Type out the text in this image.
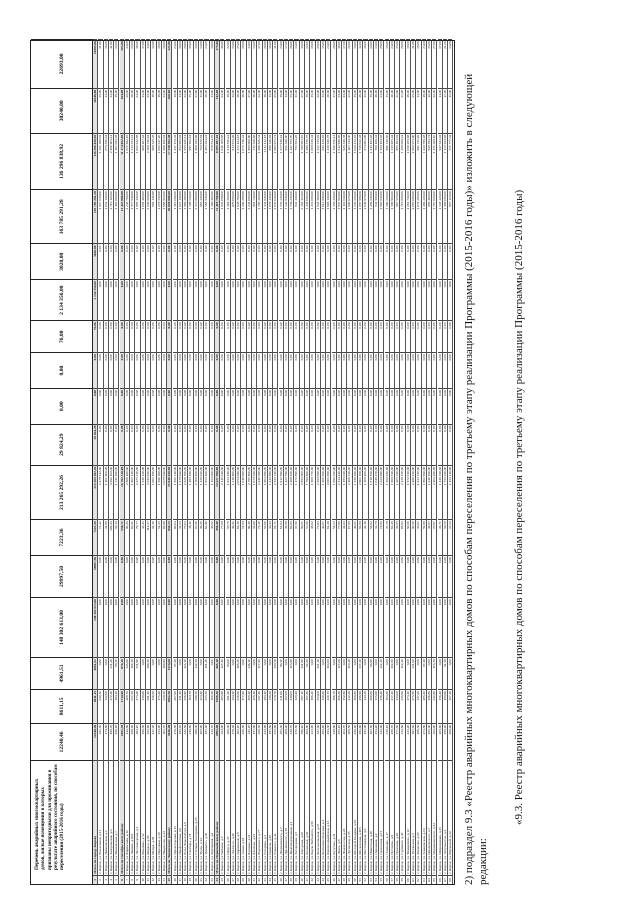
Перечень аварийных многоквартирных домов, жилые помещения в которых признаны непригодными для проживания в результате аварийного состояния, по способам переселения (2015-2016 годы)
12240,46
8611,15
4961,51
148 302 613,00
29997,50
7223,36
213 265 292,26
29 824,29
0,00
0,00
76,00
2 134 356,00
3020,00
163 785 291,28
136 296 838,92
30240,00
22693,00
1
Итого по городу Кирову
12240,46
8611,15
4961,51
148 302 613,00
29997,50
7223,36
213 265 292,26
29 824,29
0,00
0,00
76,00
2 134 356,00
3020,00
163 785 291,28
136 296 838,92
30240,00
22693,00
2
г. Киров, ул. Вокзальная, д.11
331,40
249,10
0,00
0,00
0,00
73,42
2 279 612,00
0,00
0,00
0,00
0,00
0,00
0,00
1 827 648,00
1 521 366,02
25,00
31,00
3
г. Киров, ул. Дымковская, д.1
174,60
132,00
0,00
0,00
0,00
41,88
1 301 406,00
0,00
0,00
0,00
0,00
0,00
0,00
1 052 140,00
875 836,44
14,00
16,00
4
г. Киров, ул. Запорожская, д.4
498,70
372,40
211,20
0,00
0,00
109,33
3 392 168,00
0,00
0,00
0,00
0,00
0,00
0,00
2 716 120,00
2 260 903,14
33,00
41,00
5
г. Киров, ул. Ивановская, д.7
256,20
194,30
88,50
0,00
0,00
56,14
1 741 290,00
0,00
0,00
0,00
0,00
0,00
0,00
1 402 060,00
1 167 093,48
18,00
22,00
6
Итого по Октябрьскому району
2451,30
1734,60
876,10
0,00
0,00
538,71
16 782 310,00
0,00
0,00
0,00
0,00
0,00
0,00
13 423 880,00
11 174 052,96
164,00
203,00
7
г. Киров, ул. Кирпичная, д.12
412,80
309,70
145,60
0,00
0,00
90,45
2 806 460,00
0,00
0,00
0,00
0,00
0,00
0,00
2 248 760,00
1 871 982,16
28,00
34,00
8
г. Киров, ул. Ленина, д.203
289,50
217,30
102,40
0,00
0,00
63,41
1 967 410,00
0,00
0,00
0,00
0,00
0,00
0,00
1 577 840,00
1 313 354,24
20,00
25,00
9
г. Киров, ул. Лесозаводская, д.3
364,10
273,40
131,90
0,00
0,00
79,77
2 475 210,00
0,00
0,00
0,00
0,00
0,00
0,00
1 985 430,00
1 652 612,88
24,00
30,00
10
г. Киров, ул. Маклина, д.52
198,30
148,60
0,00
0,00
0,00
43,45
1 348 120,00
0,00
0,00
0,00
0,00
0,00
0,00
1 081 460,00
900 207,42
13,00
17,00
11
г. Киров, ул. Маркса, д.88
521,60
391,20
196,30
0,00
0,00
114,27
3 545 930,00
0,00
0,00
0,00
0,00
0,00
0,00
2 846 820,00
2 369 736,64
35,00
44,00
12
г. Киров, ул. Мопра, д.39
147,40
110,50
0,00
0,00
0,00
32,30
1 002 190,00
0,00
0,00
0,00
0,00
0,00
0,00
804 140,00
669 325,38
10,00
12,00
13
г. Киров, ул. Народная, д.18
233,90
175,40
0,00
0,00
0,00
51,25
1 590 360,00
0,00
0,00
0,00
0,00
0,00
0,00
1 276 550,00
1 062 617,20
16,00
19,00
14
г. Киров, ул. Некрасова, д.44
305,70
229,30
109,80
0,00
0,00
66,99
2 078 640,00
0,00
0,00
0,00
0,00
0,00
0,00
1 668 910,00
1 389 160,94
21,00
26,00
15
Итого по Ленинскому району
3816,40
2862,30
1374,60
0,00
0,00
836,13
25 949 620,00
0,00
0,00
0,00
0,00
0,00
0,00
20 829 980,00
17 338 392,48
260,00
322,00
16
г. Киров, ул. Пролетарская, д.15
276,80
207,60
97,20
0,00
0,00
60,64
1 882 310,00
0,00
0,00
0,00
0,00
0,00
0,00
1 510 690,00
1 257 478,32
19,00
23,00
17
г. Киров, ул. Профсоюзная, д.6
188,20
141,20
0,00
0,00
0,00
41,23
1 279 640,00
0,00
0,00
0,00
0,00
0,00
0,00
1 027 130,00
854 988,62
13,00
16,00
18
г. Киров, ул. Розы Люксембург, д.9
342,50
256,90
124,10
0,00
0,00
75,03
2 328 760,00
0,00
0,00
0,00
0,00
0,00
0,00
1 869 280,00
1 555 928,14
23,00
29,00
19
г. Киров, ул. Свободы, д.71
219,60
164,70
0,00
0,00
0,00
48,11
1 493 180,00
0,00
0,00
0,00
0,00
0,00
0,00
1 198 530,00
997 652,22
15,00
18,00
20
г. Киров, ул. Степана Халтурина, д.25
398,30
298,70
142,50
0,00
0,00
87,26
2 708 260,00
0,00
0,00
0,00
0,00
0,00
0,00
2 173 860,00
1 809 521,96
27,00
33,00
21
г. Киров, ул. Труда, д.14
165,90
124,40
0,00
0,00
0,00
36,35
1 128 020,00
0,00
0,00
0,00
0,00
0,00
0,00
905 430,00
753 678,84
11,00
14,00
22
г. Киров, ул. Урицкого, д.30
287,40
215,50
101,30
0,00
0,00
62,96
1 954 160,00
0,00
0,00
0,00
0,00
0,00
0,00
1 568 540,00
1 305 634,22
20,00
24,00
23
г. Киров, ул. Фрезерная, д.2
213,70
160,30
0,00
0,00
0,00
46,82
1 453 060,00
0,00
0,00
0,00
0,00
0,00
0,00
1 166 300,00
970 814,76
14,00
18,00
24
Итого по Первомайскому району
2092,40
1569,30
465,10
0,00
0,00
458,40
14 227 390,00
0,00
0,00
0,00
0,00
0,00
0,00
11 419 760,00
9 505 697,10
142,00
175,00
25
г. Киров, ул. Чапаева, д.5
354,60
265,90
127,40
0,00
0,00
77,69
2 411 040,00
0,00
0,00
0,00
0,00
0,00
0,00
1 935 080,00
1 610 708,58
24,00
30,00
26
г. Киров, ул. Щорса, д.47
268,30
201,20
93,60
0,00
0,00
58,78
1 824 280,00
0,00
0,00
0,00
0,00
0,00
0,00
1 464 260,00
1 218 830,24
18,00
22,00
27
г. Киров, ул. Энгельса, д.20
179,40
134,50
0,00
0,00
0,00
39,31
1 219 800,00
0,00
0,00
0,00
0,00
0,00
0,00
979 060,00
814 973,46
12,00
15,00
28
г. Киров, ул. Ядринская, д.8
302,10
226,60
108,20
0,00
0,00
66,19
2 054 090,00
0,00
0,00
0,00
0,00
0,00
0,00
1 648 760,00
1 372 424,18
20,00
25,00
29
г. Киров, ул. Азина, д.61
236,80
177,60
0,00
0,00
0,00
51,88
1 610 060,00
0,00
0,00
0,00
0,00
0,00
0,00
1 292 280,00
1 075 710,42
16,00
20,00
30
г. Киров, ул. Баумана, д.11
411,20
308,40
146,10
0,00
0,00
90,10
2 795 860,00
0,00
0,00
0,00
0,00
0,00
0,00
2 244 060,00
1 868 000,90
27,00
34,00
31
г. Киров, ул. Блюхера, д.34
157,90
118,40
0,00
0,00
0,00
34,60
1 073 620,00
0,00
0,00
0,00
0,00
0,00
0,00
861 740,00
717 329,56
10,00
13,00
32
г. Киров, ул. Воровского, д.77
329,50
247,10
117,80
0,00
0,00
72,20
2 240 380,00
0,00
0,00
0,00
0,00
0,00
0,00
1 798 200,00
1 496 826,34
22,00
27,00
33
г. Киров, ул. Гагарина, д.3
244,60
183,40
0,00
0,00
0,00
53,60
1 663 080,00
0,00
0,00
0,00
0,00
0,00
0,00
1 334 840,00
1 111 112,18
16,00
20,00
34
г. Киров, ул. Герцена, д.16
197,80
148,30
0,00
0,00
0,00
43,34
1 344 890,00
0,00
0,00
0,00
0,00
0,00
0,00
1 079 430,00
898 520,62
13,00
16,00
35
г. Киров, ул. Горького, д.42
372,90
279,70
133,50
0,00
0,00
81,71
2 535 540,00
0,00
0,00
0,00
0,00
0,00
0,00
2 035 040,00
1 693 975,74
25,00
31,00
36
г. Киров, ул. Дзержинского, д.7
281,30
211,00
99,30
0,00
0,00
61,63
1 912 690,00
0,00
0,00
0,00
0,00
0,00
0,00
1 535 240,00
1 277 916,22
19,00
23,00
37
г. Киров, ул. Дрелевского, д.19
209,40
157,00
0,00
0,00
0,00
45,88
1 423 790,00
0,00
0,00
0,00
0,00
0,00
0,00
1 142 840,00
951 320,30
14,00
17,00
38
г. Киров, ул. Железнодорожная, д.1
318,70
239,00
113,90
0,00
0,00
69,83
2 166 930,00
0,00
0,00
0,00
0,00
0,00
0,00
1 739 250,00
1 447 755,70
21,00
26,00
39
г. Киров, ул. Загородная, д.5
172,50
129,40
0,00
0,00
0,00
37,80
1 172 890,00
0,00
0,00
0,00
0,00
0,00
0,00
941 440,00
783 653,26
11,00
14,00
40
г. Киров, ул. Заводская, д.28
396,20
297,10
141,80
0,00
0,00
86,81
2 693 900,00
0,00
0,00
0,00
0,00
0,00
0,00
2 162 410,00
1 799 991,16
27,00
33,00
41
г. Киров, ул. Казанская, д.93
263,80
197,80
92,20
0,00
0,00
57,80
1 793 660,00
0,00
0,00
0,00
0,00
0,00
0,00
1 439 680,00
1 198 370,78
18,00
22,00
42
г. Киров, ул. Карла Либкнехта, д.56
221,90
166,40
0,00
0,00
0,00
48,62
1 508 770,00
0,00
0,00
0,00
0,00
0,00
0,00
1 211 000,00
1 008 036,34
15,00
18,00
43
г. Киров, ул. Комсомольская, д.37
337,40
253,00
121,10
0,00
0,00
73,93
2 294 080,00
0,00
0,00
0,00
0,00
0,00
0,00
1 841 360,00
1 532 745,92
22,00
28,00
44
г. Киров, ул. Коммунистическая, д.4
185,60
139,20
0,00
0,00
0,00
40,67
1 261 950,00
0,00
0,00
0,00
0,00
0,00
0,00
1 012 880,00
843 129,82
12,00
15,00
45
г. Киров, ул. Красноармейская, д.13
294,30
220,70
104,60
0,00
0,00
64,49
2 001 080,00
0,00
0,00
0,00
0,00
0,00
0,00
1 606 130,00
1 336 930,78
20,00
24,00
46
г. Киров, ул. Кутузова, д.21
248,90
186,70
0,00
0,00
0,00
54,53
1 692 350,00
0,00
0,00
0,00
0,00
0,00
0,00
1 358 330,00
1 130 670,14
17,00
20,00
47
г. Киров, ул. Лепсе, д.8
355,10
266,30
127,00
0,00
0,00
77,80
2 414 440,00
0,00
0,00
0,00
0,00
0,00
0,00
1 937 810,00
1 612 980,96
24,00
30,00
48
г. Киров, ул. Ломоносова, д.24
203,70
152,80
0,00
0,00
0,00
44,63
1 385 030,00
0,00
0,00
0,00
0,00
0,00
0,00
1 111 640,00
925 349,58
13,00
17,00
49
г. Киров, ул. Луганская, д.55
309,80
232,30
110,40
0,00
0,00
67,88
2 106 510,00
0,00
0,00
0,00
0,00
0,00
0,00
1 690 670,00
1 407 314,30
21,00
26,00
50
г. Киров, ул. Молодой Гвардии, д.38
226,40
169,80
0,00
0,00
0,00
49,61
1 539 380,00
0,00
0,00
0,00
0,00
0,00
0,00
1 235 550,00
1 028 472,62
15,00
19,00
51
г. Киров, ул. Московская, д.105
382,60
286,90
137,30
0,00
0,00
83,83
2 601 480,00
0,00
0,00
0,00
0,00
0,00
0,00
2 087 980,00
1 738 032,48
26,00
32,00
52
г. Киров, ул. Мостовицкая, д.6
192,40
144,30
0,00
0,00
0,00
42,16
1 308 200,00
0,00
0,00
0,00
0,00
0,00
0,00
1 049 970,00
874 001,96
13,00
16,00
53
г. Киров, ул. Никитская, д.10
267,50
200,60
94,90
0,00
0,00
58,62
1 818 850,00
0,00
0,00
0,00
0,00
0,00
0,00
1 459 840,00
1 215 181,48
18,00
22,00
54
г. Киров, ул. Овражная, д.2
154,20
115,60
0,00
0,00
0,00
33,79
1 048 470,00
0,00
0,00
0,00
0,00
0,00
0,00
841 500,00
700 466,34
10,00
13,00
55
г. Киров, ул. Орловская, д.31
341,90
256,40
122,40
0,00
0,00
74,92
2 324 680,00
0,00
0,00
0,00
0,00
0,00
0,00
1 865 840,00
1 553 164,48
23,00
28,00
56
г. Киров, ул. Осипенко, д.17
218,10
163,60
0,00
0,00
0,00
47,79
1 482 940,00
0,00
0,00
0,00
0,00
0,00
0,00
1 190 220,00
990 736,56
15,00
18,00
57
г. Киров, ул. Пугачёва, д.9
289,70
217,30
102,80
0,00
0,00
63,48
1 969 810,00
0,00
0,00
0,00
0,00
0,00
0,00
1 580 900,00
1 315 965,42
20,00
24,00
58
г. Киров, ул. Пушкина, д.26
177,30
133,00
0,00
0,00
0,00
38,85
1 205 530,00
0,00
0,00
0,00
0,00
0,00
0,00
967 570,00
805 401,04
12,00
15,00
59
г. Киров, ул. Сурикова, д.48
314,60
235,90
112,40
0,00
0,00
68,93
2 139 130,00
0,00
0,00
0,00
0,00
0,00
0,00
1 716 820,00
1 429 069,24
21,00
26,00
60
г. Киров, ул. Тимирязева, д.12
231,20
173,40
0,00
0,00
0,00
50,66
1 572 010,00
0,00
0,00
0,00
0,00
0,00
0,00
1 261 740,00
1 050 285,68
16,00
19,00
61
г. Киров, ул. Уральская, д.3
367,40
275,50
131,60
0,00
0,00
80,50
2 498 120,00
0,00
0,00
0,00
0,00
0,00
0,00
2 005 000,00
1 668 971,90
25,00
31,00
62
г. Киров, ул. Филатова, д.20
196,30
147,20
0,00
0,00
0,00
43,01
1 334 720,00
0,00
0,00
0,00
0,00
0,00
0,00
1 071 260,00
891 715,26
13,00
16,00
63
г. Киров, ул. Хлыновская, д.14
273,80
205,30
97,40
0,00
0,00
59,99
1 861 690,00
0,00
0,00
0,00
0,00
0,00
0,00
1 494 220,00
1 243 799,48
18,00
23,00
64
г. Киров, ул. Циолковского, д.7
182,40
136,80
0,00
0,00
0,00
39,97
1 240 190,00
0,00
0,00
0,00
0,00
0,00
0,00
995 400,00
828 584,74
12,00
15,00
65
г. Киров, ул. Чернышевского, д.33
323,90
242,90
115,70
0,00
0,00
70,97
2 202 290,00
0,00
0,00
0,00
0,00
0,00
0,00
1 767 620,00
1 471 368,10
22,00
27,00
66
г. Киров, ул. Широнинцев, д.15
208,60
156,40
0,00
0,00
0,00
45,71
1 418 350,00
0,00
0,00
0,00
0,00
0,00
0,00
1 138 420,00
947 641,02
14,00
17,00
67
г. Киров, ул. Энтузиастов, д.4
258,20
193,60
91,50
0,00
0,00
56,58
1 755 610,00
0,00
0,00
0,00
0,00
0,00
0,00
1 409 080,00
1 172 934,68
17,00
21,00
68
г. Киров, ул. Юровской, д.22
169,90
127,40
0,00
0,00
0,00
37,23
1 155 210,00
0,00
0,00
0,00
0,00
0,00
0,00
927 170,00
771 777,32
11,00
14,00
2) подраздел 9.3 «Реестр аварийных многоквартирных домов по способам переселения по третьему этапу реализации Программы (2015-2016 годы)» изложить в следующей редакции:
«9.3. Реестр аварийных многоквартирных домов по способам переселения по третьему этапу реализации Программы (2015-2016 годы)
